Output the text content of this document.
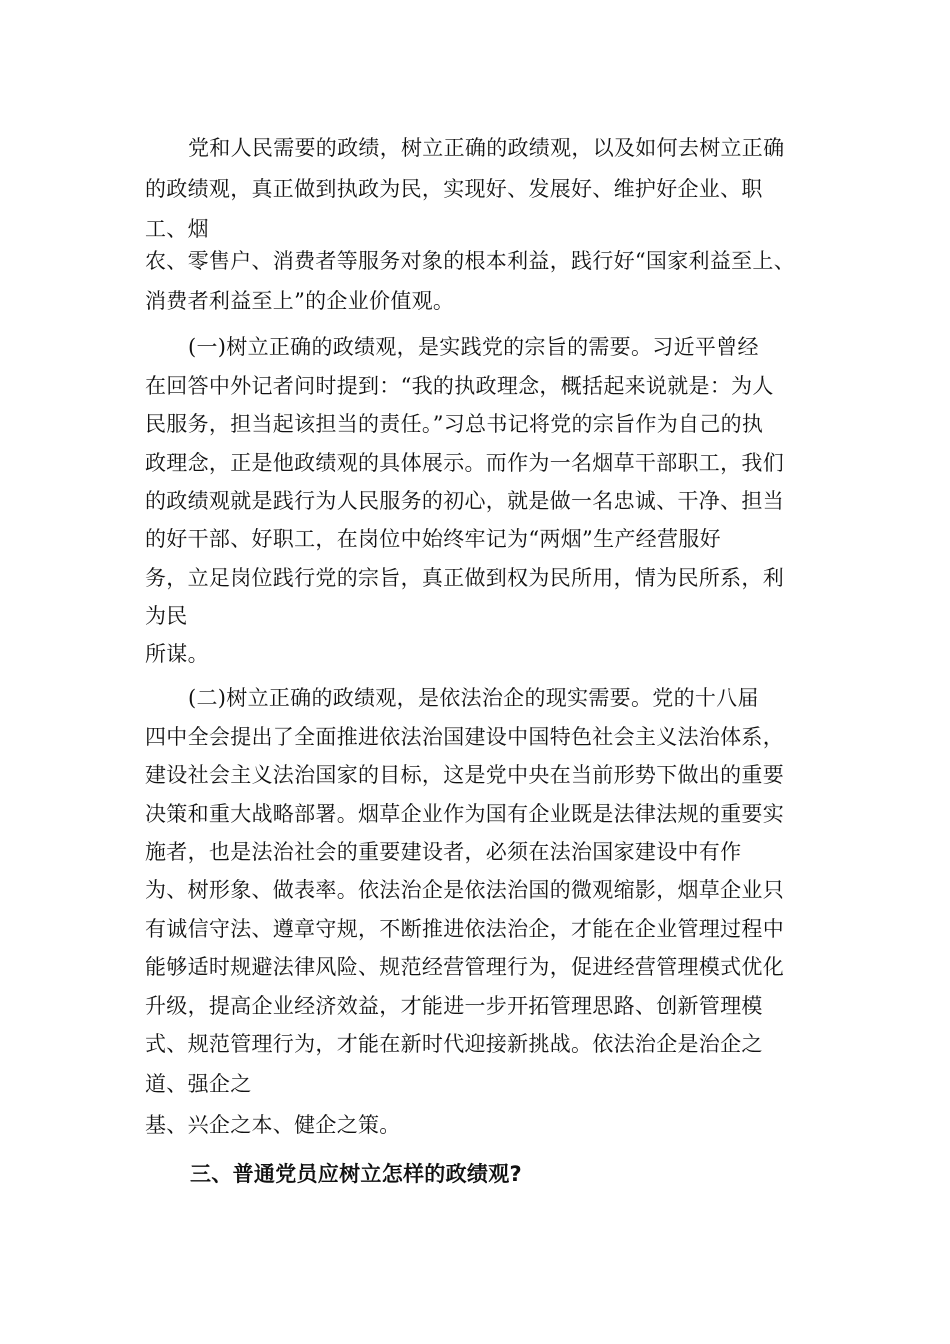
党和人民需要的政绩，树立正确的政绩观，以及如何去树立正确
的政绩观，真正做到执政为民，实现好、发展好、维护好企业、职
工、烟
农、零售户、消费者等服务对象的根本利益，践行好“国家利益至上、
消费者利益至上”的企业价值观。
(一)树立正确的政绩观，是实践党的宗旨的需要。习近平曾经
在回答中外记者问时提到：“我的执政理念，概括起来说就是：为人
民服务，担当起该担当的责任。”习总书记将党的宗旨作为自己的执
政理念，正是他政绩观的具体展示。而作为一名烟草干部职工，我们
的政绩观就是践行为人民服务的初心，就是做一名忠诚、干净、担当
的好干部、好职工，在岗位中始终牢记为“两烟”生产经营服好
务，立足岗位践行党的宗旨，真正做到权为民所用，情为民所系，利
为民
所谋。
(二)树立正确的政绩观，是依法治企的现实需要。党的十八届
四中全会提出了全面推进依法治国建设中国特色社会主义法治体系，
建设社会主义法治国家的目标，这是党中央在当前形势下做出的重要
决策和重大战略部署。烟草企业作为国有企业既是法律法规的重要实
施者，也是法治社会的重要建设者，必须在法治国家建设中有作
为、树形象、做表率。依法治企是依法治国的微观缩影，烟草企业只
有诚信守法、遵章守规，不断推进依法治企，才能在企业管理过程中
能够适时规避法律风险、规范经营管理行为，促进经营管理模式优化
升级，提高企业经济效益，才能进一步开拓管理思路、创新管理模
式、规范管理行为，才能在新时代迎接新挑战。依法治企是治企之
道、强企之
基、兴企之本、健企之策。
三、普通党员应树立怎样的政绩观?
